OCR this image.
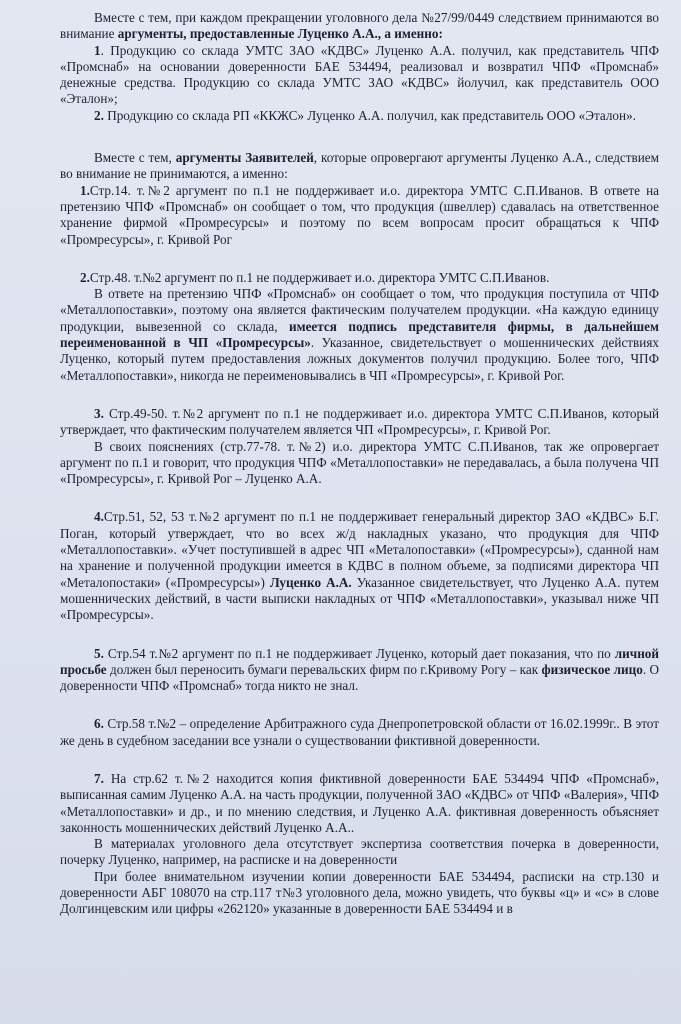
Вместе с тем, при каждом прекращении уголовного дела №27/99/0449 следствием принимаются во внимание аргументы, предоставленные Луценко А.А., а именно:

1. Продукцию со склада УМТС ЗАО «КДВС» Луценко А.А. получил, как представитель ЧПФ «Промснаб» на основании доверенности БАЕ 534494, реализовал и возвратил ЧПФ «Промснаб» денежные средства. Продукцию со склада УМТС ЗАО «КДВС» йолучил, как представитель ООО «Эталон»;

2. Продукцию со склада РП «ККЖС» Луценко А.А. получил, как представитель ООО «Эталон».

Вместе с тем, аргументы Заявителей, которые опровергают аргументы Луценко А.А., следствием во внимание не принимаются, а именно:

1.Стр.14. т.№2 аргумент по п.1 не поддерживает и.о. директора УМТС С.П.Иванов. В ответе на претензию ЧПФ «Промснаб» он сообщает о том, что продукция (швеллер) сдавалась на ответственное хранение фирмой «Промресурсы» и поэтому по всем вопросам просит обращаться к ЧПФ «Промресурсы», г. Кривой Рог

2.Стр.48. т.№2 аргумент по п.1 не поддерживает и.о. директора УМТС С.П.Иванов.

В ответе на претензию ЧПФ «Промснаб» он сообщает о том, что продукция поступила от ЧПФ «Металлопоставки», поэтому она является фактическим получателем продукции. «На каждую единицу продукции, вывезенной со склада, имеется подпись представителя фирмы, в дальнейшем переименованной в ЧП «Промресурсы». Указанное, свидетельствует о мошеннических действиях Луценко, который путем предоставления ложных документов получил продукцию. Более того, ЧПФ «Металлопоставки», никогда не переименовывались в ЧП «Промресурсы», г. Кривой Рог.

3. Стр.49-50. т.№2 аргумент по п.1 не поддерживает и.о. директора УМТС С.П.Иванов, который утверждает, что фактическим получателем является ЧП «Промресурсы», г. Кривой Рог.

В своих пояснениях (стр.77-78. т.№2) и.о. директора УМТС С.П.Иванов, так же опровергает аргумент по п.1 и говорит, что продукция ЧПФ «Металлопоставки» не передавалась, а была получена ЧП «Промресурсы», г. Кривой Рог – Луценко А.А.

4.Стр.51, 52, 53 т.№2 аргумент по п.1 не поддерживает генеральный директор ЗАО «КДВС» Б.Г. Поган, который утверждает, что во всех ж/д накладных указано, что продукция для ЧПФ «Металлопоставки». «Учет поступившей в адрес ЧП «Металопоставки» («Промресурсы»), сданной нам на хранение и полученной продукции имеется в КДВС в полном объеме, за подписями директора ЧП «Металопостаки» («Промресурсы») Луценко А.А. Указанное свидетельствует, что Луценко А.А. путем мошеннических действий, в части выписки накладных от ЧПФ «Металлопоставки», указывал ниже ЧП «Промресурсы».

5. Стр.54 т.№2 аргумент по п.1 не поддерживает Луценко, который дает показания, что по личной просьбе должен был переносить бумаги перевальских фирм по г.Кривому Рогу – как физическое лицо. О доверенности ЧПФ «Промснаб» тогда никто не знал.

6. Стр.58 т.№2 – определение Арбитражного суда Днепропетровской области от 16.02.1999г.. В этот же день в судебном заседании все узнали о существовании фиктивной доверенности.

7. На стр.62 т.№2 находится копия фиктивной доверенности БАЕ 534494 ЧПФ «Промснаб», выписанная самим Луценко А.А. на часть продукции, полученной ЗАО «КДВС» от ЧПФ «Валерия», ЧПФ «Металлопоставки» и др., и по мнению следствия, и Луценко А.А. фиктивная доверенность объясняет законность мошеннических действий Луценко А.А..

В материалах уголовного дела отсутствует экспертиза соответствия почерка в доверенности, почерку Луценко, например, на расписке и на доверенности

При более внимательном изучении копии доверенности БАЕ 534494, расписки на стр.130 и доверенности АБГ 108070 на стр.117 т№3 уголовного дела, можно увидеть, что буквы «ц» и «с» в слове Долгинцевским или цифры «262120» указанные в доверенности БАЕ 534494 и в
